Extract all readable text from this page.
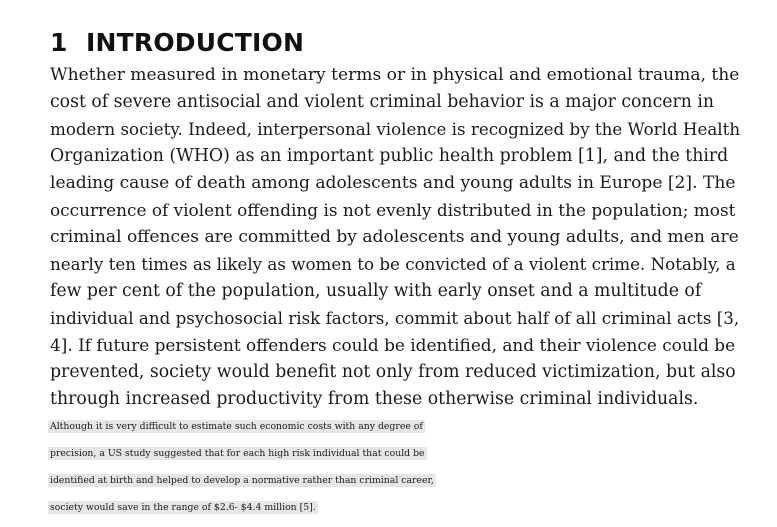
1 INTRODUCTION
Whether measured in monetary terms or in physical and emotional trauma, the
cost of severe antisocial and violent criminal behavior is a major concern in
modern society. Indeed, interpersonal violence is recognized by the World Health
Organization (WHO) as an important public health problem [1], and the third
leading cause of death among adolescents and young adults in Europe [2]. The
occurrence of violent offending is not evenly distributed in the population; most
criminal offences are committed by adolescents and young adults, and men are
nearly ten times as likely as women to be convicted of a violent crime. Notably, a
few per cent of the population, usually with early onset and a multitude of
individual and psychosocial risk factors, commit about half of all criminal acts [3,
4]. If future persistent offenders could be identified, and their violence could be
prevented, society would benefit not only from reduced victimization, but also
through increased productivity from these otherwise criminal individuals.
Although it is very difficult to estimate such economic costs with any degree of
precision, a US study suggested that for each high risk individual that could be
identified at birth and helped to develop a normative rather than criminal career,
society would save in the range of $2.6- $4.4 million [5].
